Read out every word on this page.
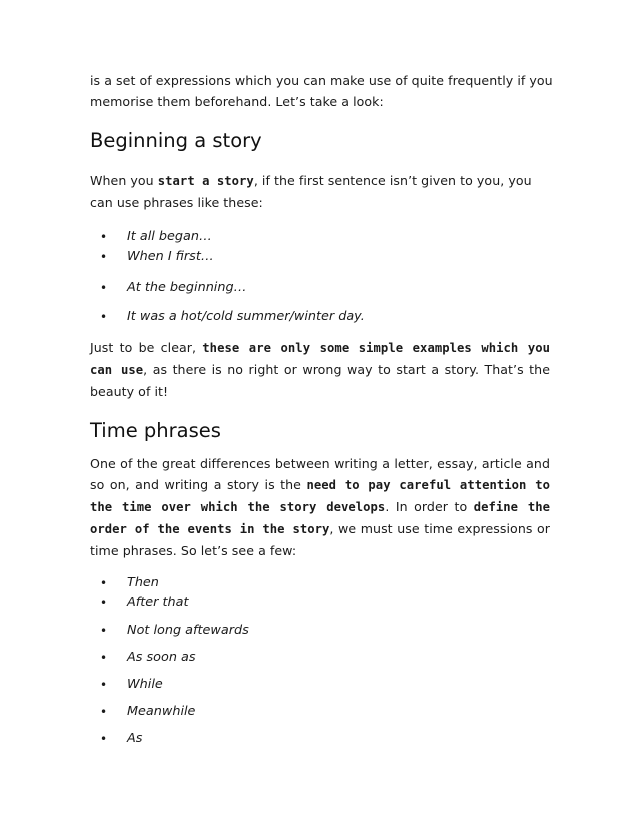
is a set of expressions which you can make use of quite frequently if you memorise them beforehand. Let’s take a look:

Beginning a story

When you start a story, if the first sentence isn’t given to you, you can use phrases like these:

• It all began…
• When I first…
• At the beginning…
• It was a hot/cold summer/winter day.

Just to be clear, these are only some simple examples which you can use, as there is no right or wrong way to start a story. That’s the beauty of it!

Time phrases

One of the great differences between writing a letter, essay, article and so on, and writing a story is the need to pay careful attention to the time over which the story develops. In order to define the order of the events in the story, we must use time expressions or time phrases. So let’s see a few:

• Then
• After that
• Not long aftewards
• As soon as
• While
• Meanwhile
• As
